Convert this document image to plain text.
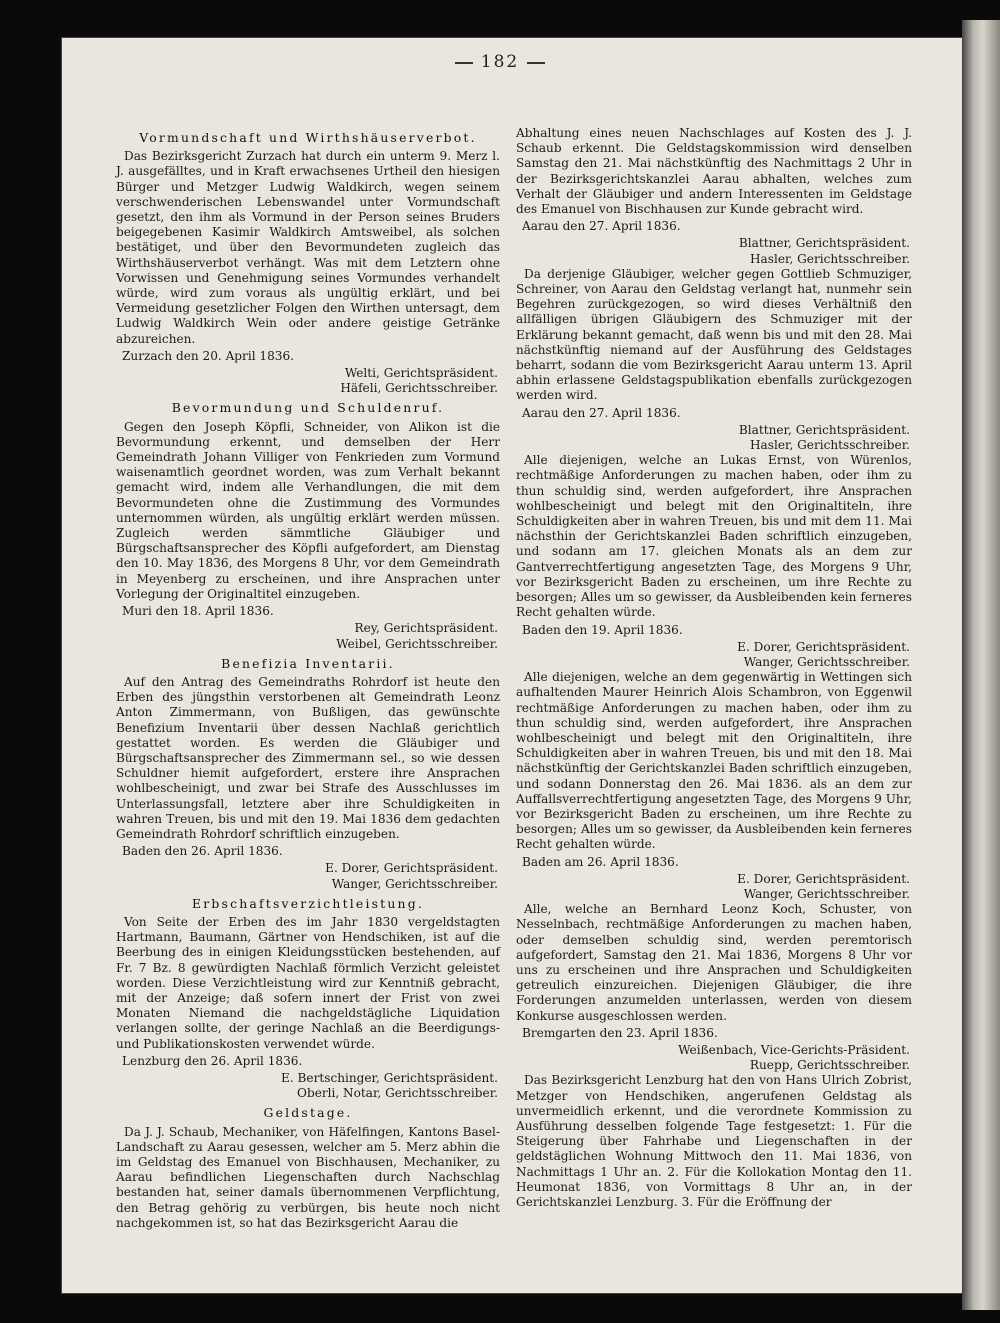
182

Vormundschaft und Wirthshäuserverbot.

Das Bezirksgericht Zurzach hat durch ein unterm 9. Merz l. J. ausgefälltes, und in Kraft erwachsenes Urtheil den hiesigen Bürger und Metzger Ludwig Waldkirch, wegen seinem verschwenderischen Lebenswandel unter Vormundschaft gesetzt, den ihm als Vormund in der Person seines Bruders beigegebenen Kasimir Waldkirch Amtsweibel, als solchen bestätiget, und über den Bevormundeten zugleich das Wirthshäuserverbot verhängt. Was mit dem Letztern ohne Vorwissen und Genehmigung seines Vormundes verhandelt würde, wird zum voraus als ungültig erklärt, und bei Vermeidung gesetzlicher Folgen den Wirthen untersagt, dem Ludwig Waldkirch Wein oder andere geistige Getränke abzureichen.

Zurzach den 20. April 1836.

Welti, Gerichtspräsident.

Häfeli, Gerichtsschreiber.

Bevormundung und Schuldenruf.

Gegen den Joseph Köpfli, Schneider, von Alikon ist die Bevormundung erkennt, und demselben der Herr Gemeindrath Johann Villiger von Fenkrieden zum Vormund waisenamtlich geordnet worden, was zum Verhalt bekannt gemacht wird, indem alle Verhandlungen, die mit dem Bevormundeten ohne die Zustimmung des Vormundes unternommen würden, als ungültig erklärt werden müssen. Zugleich werden sämmtliche Gläubiger und Bürgschaftsansprecher des Köpfli aufgefordert, am Dienstag den 10. May 1836, des Morgens 8 Uhr, vor dem Gemeindrath in Meyenberg zu erscheinen, und ihre Ansprachen unter Vorlegung der Originaltitel einzugeben.

Muri den 18. April 1836.

Rey, Gerichtspräsident.

Weibel, Gerichtsschreiber.

Benefizia Inventarii.

Auf den Antrag des Gemeindraths Rohrdorf ist heute den Erben des jüngsthin verstorbenen alt Gemeindrath Leonz Anton Zimmermann, von Bußligen, das gewünschte Benefizium Inventarii über dessen Nachlaß gerichtlich gestattet worden. Es werden die Gläubiger und Bürgschaftsansprecher des Zimmermann sel., so wie dessen Schuldner hiemit aufgefordert, erstere ihre Ansprachen wohlbescheinigt, und zwar bei Strafe des Ausschlusses im Unterlassungsfall, letztere aber ihre Schuldigkeiten in wahren Treuen, bis und mit den 19. Mai 1836 dem gedachten Gemeindrath Rohrdorf schriftlich einzugeben.

Baden den 26. April 1836.

E. Dorer, Gerichtspräsident.

Wanger, Gerichtsschreiber.

Erbschaftsverzichtleistung.

Von Seite der Erben des im Jahr 1830 vergeldstagten Hartmann, Baumann, Gärtner von Hendschiken, ist auf die Beerbung des in einigen Kleidungsstücken bestehenden, auf Fr. 7 Bz. 8 gewürdigten Nachlaß förmlich Verzicht geleistet worden. Diese Verzichtleistung wird zur Kenntniß gebracht, mit der Anzeige; daß sofern innert der Frist von zwei Monaten Niemand die nachgeldstägliche Liquidation verlangen sollte, der geringe Nachlaß an die Beerdigungs- und Publikationskosten verwendet würde.

Lenzburg den 26. April 1836.

E. Bertschinger, Gerichtspräsident.

Oberli, Notar, Gerichtsschreiber.

Geldstage.

Da J. J. Schaub, Mechaniker, von Häfelfingen, Kantons Basel-Landschaft zu Aarau gesessen, welcher am 5. Merz abhin die im Geldstag des Emanuel von Bischhausen, Mechaniker, zu Aarau befindlichen Liegenschaften durch Nachschlag bestanden hat, seiner damals übernommenen Verpflichtung, den Betrag gehörig zu verbürgen, bis heute noch nicht nachgekommen ist, so hat das Bezirksgericht Aarau die

Abhaltung eines neuen Nachschlages auf Kosten des J. J. Schaub erkennt. Die Geldstagskommission wird denselben Samstag den 21. Mai nächstkünftig des Nachmittags 2 Uhr in der Bezirksgerichtskanzlei Aarau abhalten, welches zum Verhalt der Gläubiger und andern Interessenten im Geldstage des Emanuel von Bischhausen zur Kunde gebracht wird.

Aarau den 27. April 1836.

Blattner, Gerichtspräsident.

Hasler, Gerichtsschreiber.

Da derjenige Gläubiger, welcher gegen Gottlieb Schmuziger, Schreiner, von Aarau den Geldstag verlangt hat, nunmehr sein Begehren zurückgezogen, so wird dieses Verhältniß den allfälligen übrigen Gläubigern des Schmuziger mit der Erklärung bekannt gemacht, daß wenn bis und mit den 28. Mai nächstkünftig niemand auf der Ausführung des Geldstages beharrt, sodann die vom Bezirksgericht Aarau unterm 13. April abhin erlassene Geldstagspublikation ebenfalls zurückgezogen werden wird.

Aarau den 27. April 1836.

Blattner, Gerichtspräsident.

Hasler, Gerichtsschreiber.

Alle diejenigen, welche an Lukas Ernst, von Würenlos, rechtmäßige Anforderungen zu machen haben, oder ihm zu thun schuldig sind, werden aufgefordert, ihre Ansprachen wohlbescheinigt und belegt mit den Originaltiteln, ihre Schuldigkeiten aber in wahren Treuen, bis und mit dem 11. Mai nächsthin der Gerichtskanzlei Baden schriftlich einzugeben, und sodann am 17. gleichen Monats als an dem zur Gantverrechtfertigung angesetzten Tage, des Morgens 9 Uhr, vor Bezirksgericht Baden zu erscheinen, um ihre Rechte zu besorgen; Alles um so gewisser, da Ausbleibenden kein ferneres Recht gehalten würde.

Baden den 19. April 1836.

E. Dorer, Gerichtspräsident.

Wanger, Gerichtsschreiber.

Alle diejenigen, welche an dem gegenwärtig in Wettingen sich aufhaltenden Maurer Heinrich Alois Schambron, von Eggenwil rechtmäßige Anforderungen zu machen haben, oder ihm zu thun schuldig sind, werden aufgefordert, ihre Ansprachen wohlbescheinigt und belegt mit den Originaltiteln, ihre Schuldigkeiten aber in wahren Treuen, bis und mit den 18. Mai nächstkünftig der Gerichtskanzlei Baden schriftlich einzugeben, und sodann Donnerstag den 26. Mai 1836. als an dem zur Auffallsverrechtfertigung angesetzten Tage, des Morgens 9 Uhr, vor Bezirksgericht Baden zu erscheinen, um ihre Rechte zu besorgen; Alles um so gewisser, da Ausbleibenden kein ferneres Recht gehalten würde.

Baden am 26. April 1836.

E. Dorer, Gerichtspräsident.

Wanger, Gerichtsschreiber.

Alle, welche an Bernhard Leonz Koch, Schuster, von Nesselnbach, rechtmäßige Anforderungen zu machen haben, oder demselben schuldig sind, werden peremtorisch aufgefordert, Samstag den 21. Mai 1836, Morgens 8 Uhr vor uns zu erscheinen und ihre Ansprachen und Schuldigkeiten getreulich einzureichen. Diejenigen Gläubiger, die ihre Forderungen anzumelden unterlassen, werden von diesem Konkurse ausgeschlossen werden.

Bremgarten den 23. April 1836.

Weißenbach, Vice-Gerichts-Präsident.

Ruepp, Gerichtsschreiber.

Das Bezirksgericht Lenzburg hat den von Hans Ulrich Zobrist, Metzger von Hendschiken, angerufenen Geldstag als unvermeidlich erkennt, und die verordnete Kommission zu Ausführung desselben folgende Tage festgesetzt: 1. Für die Steigerung über Fahrhabe und Liegenschaften in der geldstäglichen Wohnung Mittwoch den 11. Mai 1836, von Nachmittags 1 Uhr an. 2. Für die Kollokation Montag den 11. Heumonat 1836, von Vormittags 8 Uhr an, in der Gerichtskanzlei Lenzburg. 3. Für die Eröffnung der
